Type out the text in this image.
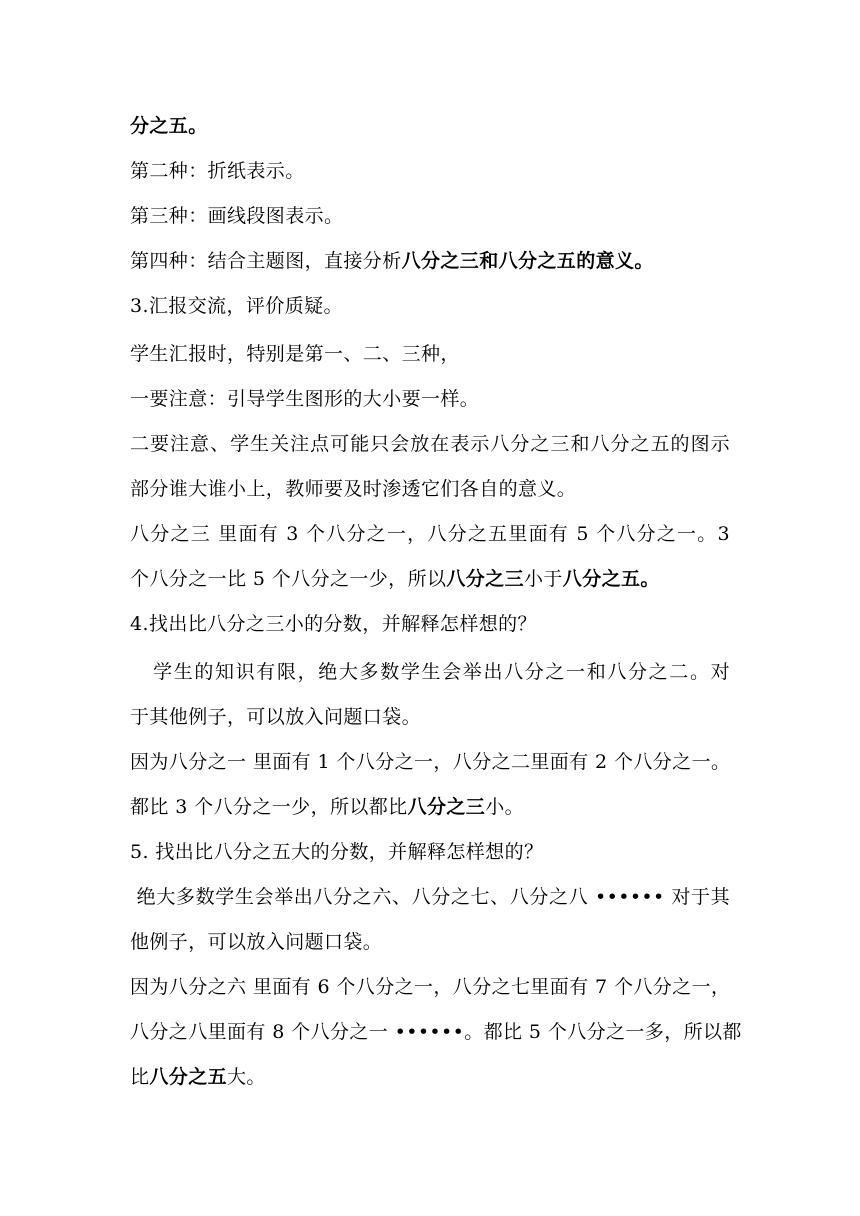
分之五。
第二种：折纸表示。
第三种：画线段图表示。
第四种：结合主题图，直接分析八分之三和八分之五的意义。
3.汇报交流，评价质疑。
学生汇报时，特别是第一、二、三种，
一要注意：引导学生图形的大小要一样。
二要注意、学生关注点可能只会放在表示八分之三和八分之五的图示
部分谁大谁小上，教师要及时渗透它们各自的意义。
八分之三 里面有 3 个八分之一，八分之五里面有 5 个八分之一。3
个八分之一比 5 个八分之一少，所以八分之三小于八分之五。
4.找出比八分之三小的分数，并解释怎样想的？
学生的知识有限，绝大多数学生会举出八分之一和八分之二。对
于其他例子，可以放入问题口袋。
因为八分之一 里面有 1 个八分之一，八分之二里面有 2 个八分之一。
都比 3 个八分之一少，所以都比八分之三小。
5. 找出比八分之五大的分数，并解释怎样想的？
绝大多数学生会举出八分之六、八分之七、八分之八 •••••• 对于其
他例子，可以放入问题口袋。
因为八分之六 里面有 6 个八分之一，八分之七里面有 7 个八分之一，
八分之八里面有 8 个八分之一 ••••••。都比 5 个八分之一多，所以都
比八分之五大。
